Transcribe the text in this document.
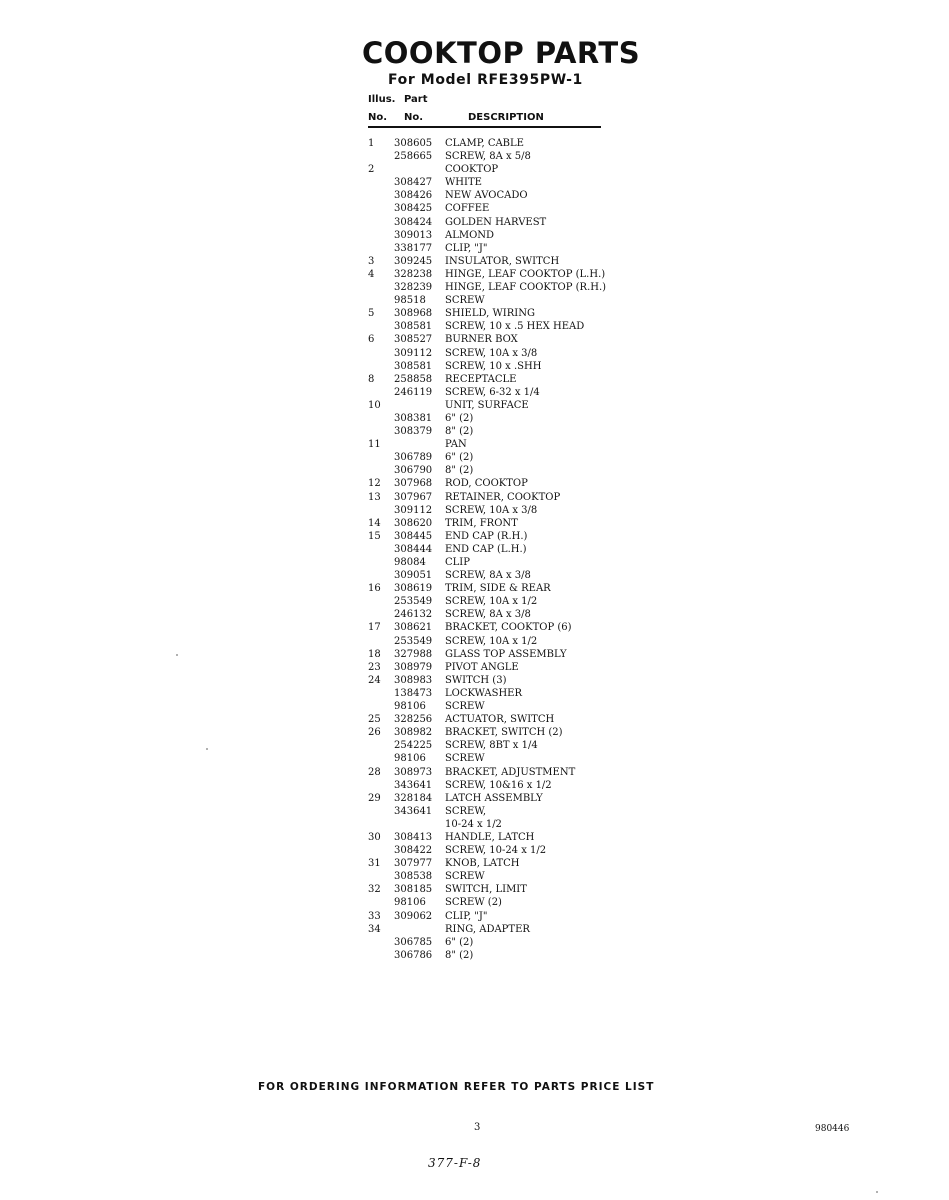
COOKTOP PARTS
For Model RFE395PW-1
Illus. Part
No. No.	DESCRIPTION
1	308605 CLAMP, CABLE
258665 SCREW, 8A x 5/8
2	COOKTOP
308427 WHITE
308426 NEW AVOCADO
308425 COFFEE
308424 GOLDEN HARVEST
309013 ALMOND
338177 CLIP, "J"
3	309245 INSULATOR, SWITCH
4	328238 HINGE, LEAF COOKTOP (L.H.)
328239 HINGE, LEAF COOKTOP (R.H.)
98518 SCREW
5	308968 SHIELD, WIRING
308581 SCREW, 10 x .5 HEX HEAD
6	308527 BURNER BOX
309112 SCREW, 10A x 3/8
308581 SCREW, 10 x .SHH
8	258858 RECEPTACLE
246119 SCREW, 6-32 x 1/4
10	UNIT, SURFACE
308381 6" (2)
308379 8" (2)
11	PAN
306789 6" (2)
306790 8" (2)
12	307968 ROD, COOKTOP
13	307967 RETAINER, COOKTOP
309112 SCREW, 10A x 3/8
14	308620 TRIM, FRONT
15	308445 END CAP (R.H.)
308444 END CAP (L.H.)
98084 CLIP
309051 SCREW, 8A x 3/8
16	308619 TRIM, SIDE & REAR
253549 SCREW, 10A x 1/2
246132 SCREW, 8A x 3/8
17	308621 BRACKET, COOKTOP (6)
253549 SCREW, 10A x 1/2
18	327988 GLASS TOP ASSEMBLY
23	308979 PIVOT ANGLE
24	308983 SWITCH (3)
138473 LOCKWASHER
98106 SCREW
25	328256 ACTUATOR, SWITCH
26	308982 BRACKET, SWITCH (2)
254225 SCREW, 8BT x 1/4
98106 SCREW
28	308973 BRACKET, ADJUSTMENT
343641 SCREW, 10&16 x 1/2
29	328184 LATCH ASSEMBLY
343641 SCREW,
10-24 x 1/2
30	308413 HANDLE, LATCH
308422 SCREW, 10-24 x 1/2
31	307977 KNOB, LATCH
308538 SCREW
32	308185 SWITCH, LIMIT
98106 SCREW (2)
33	309062 CLIP, "J"
34	RING, ADAPTER
306785 6" (2)
306786 8" (2)
FOR ORDERING INFORMATION REFER TO PARTS PRICE LIST
3	980446
377-F-8
